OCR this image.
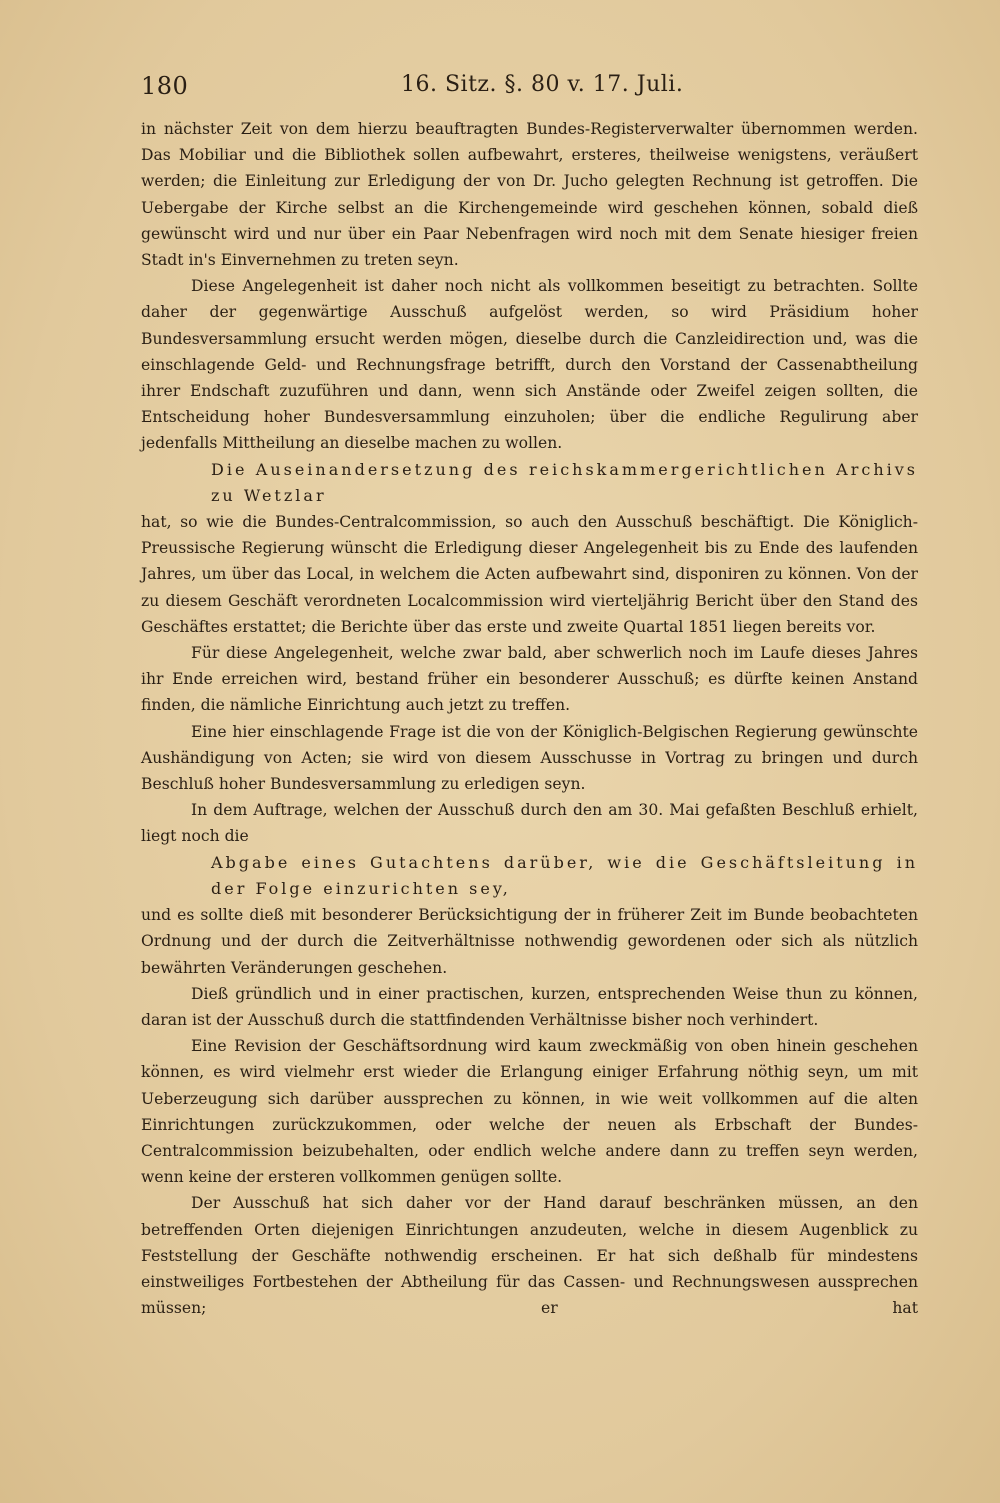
180	16. Sitz. §. 80 v. 17. Juli.

in nächster Zeit von dem hierzu beauftragten Bundes-Registerverwalter übernommen werden. Das Mobiliar und die Bibliothek sollen aufbewahrt, ersteres, theilweise wenigstens, veräußert werden; die Einleitung zur Erledigung der von Dr. Jucho gelegten Rechnung ist getroffen. Die Uebergabe der Kirche selbst an die Kirchengemeinde wird geschehen können, sobald dieß gewünscht wird und nur über ein Paar Nebenfragen wird noch mit dem Senate hiesiger freien Stadt in's Einvernehmen zu treten seyn.

Diese Angelegenheit ist daher noch nicht als vollkommen beseitigt zu betrachten. Sollte daher der gegenwärtige Ausschuß aufgelöst werden, so wird Präsidium hoher Bundesversammlung ersucht werden mögen, dieselbe durch die Canzleidirection und, was die einschlagende Geld- und Rechnungsfrage betrifft, durch den Vorstand der Cassenabtheilung ihrer Endschaft zuzuführen und dann, wenn sich Anstände oder Zweifel zeigen sollten, die Entscheidung hoher Bundesversammlung einzuholen; über die endliche Regulirung aber jedenfalls Mittheilung an dieselbe machen zu wollen.

Die Auseinandersetzung des reichskammergerichtlichen Archivs zu Wetzlar

hat, so wie die Bundes-Centralcommission, so auch den Ausschuß beschäftigt. Die Königlich-Preussische Regierung wünscht die Erledigung dieser Angelegenheit bis zu Ende des laufenden Jahres, um über das Local, in welchem die Acten aufbewahrt sind, disponiren zu können. Von der zu diesem Geschäft verordneten Localcommission wird vierteljährig Bericht über den Stand des Geschäftes erstattet; die Berichte über das erste und zweite Quartal 1851 liegen bereits vor.

Für diese Angelegenheit, welche zwar bald, aber schwerlich noch im Laufe dieses Jahres ihr Ende erreichen wird, bestand früher ein besonderer Ausschuß; es dürfte keinen Anstand finden, die nämliche Einrichtung auch jetzt zu treffen.

Eine hier einschlagende Frage ist die von der Königlich-Belgischen Regierung gewünschte Aushändigung von Acten; sie wird von diesem Ausschusse in Vortrag zu bringen und durch Beschluß hoher Bundesversammlung zu erledigen seyn.

In dem Auftrage, welchen der Ausschuß durch den am 30. Mai gefaßten Beschluß erhielt, liegt noch die

Abgabe eines Gutachtens darüber, wie die Geschäftsleitung in der Folge einzurichten sey,

und es sollte dieß mit besonderer Berücksichtigung der in früherer Zeit im Bunde beobachteten Ordnung und der durch die Zeitverhältnisse nothwendig gewordenen oder sich als nützlich bewährten Veränderungen geschehen.

Dieß gründlich und in einer practischen, kurzen, entsprechenden Weise thun zu können, daran ist der Ausschuß durch die stattfindenden Verhältnisse bisher noch verhindert.

Eine Revision der Geschäftsordnung wird kaum zweckmäßig von oben hinein geschehen können, es wird vielmehr erst wieder die Erlangung einiger Erfahrung nöthig seyn, um mit Ueberzeugung sich darüber aussprechen zu können, in wie weit vollkommen auf die alten Einrichtungen zurückzukommen, oder welche der neuen als Erbschaft der Bundes-Centralcommission beizubehalten, oder endlich welche andere dann zu treffen seyn werden, wenn keine der ersteren vollkommen genügen sollte.

Der Ausschuß hat sich daher vor der Hand darauf beschränken müssen, an den betreffenden Orten diejenigen Einrichtungen anzudeuten, welche in diesem Augenblick zu Feststellung der Geschäfte nothwendig erscheinen. Er hat sich deßhalb für mindestens einstweiliges Fortbestehen der Abtheilung für das Cassen- und Rechnungswesen aussprechen müssen; er hat
